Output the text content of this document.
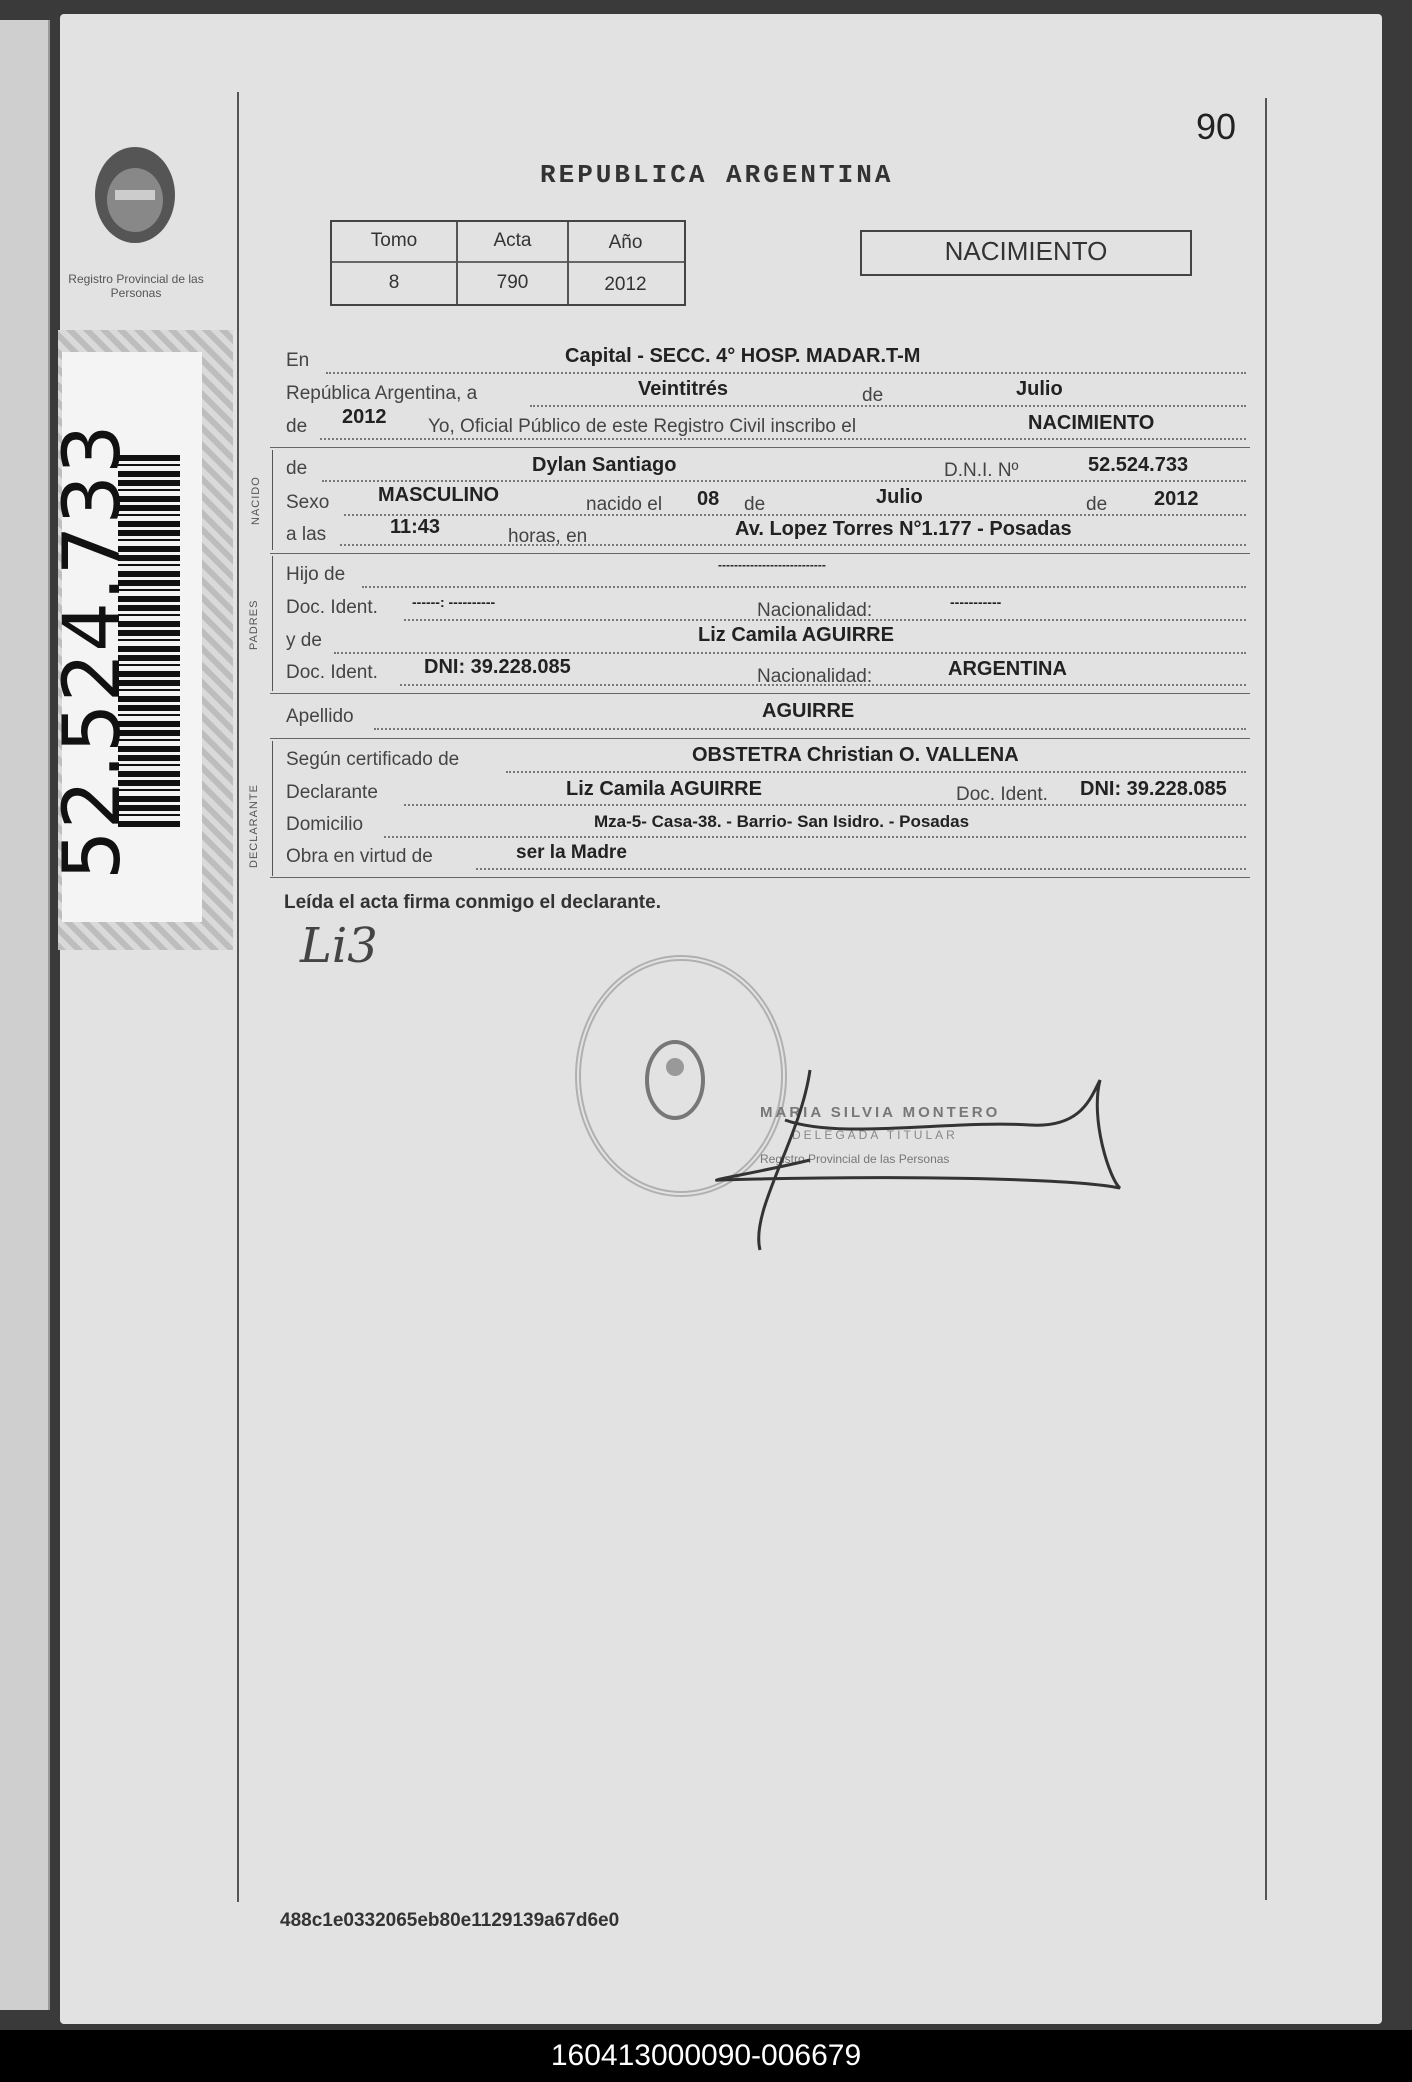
Registro Provincial de las Personas
52.524.733
90
REPUBLICA ARGENTINA
Tomo	Acta	Año
8	790	2012
NACIMIENTO
En	Capital - SECC. 4° HOSP. MADAR.T-M
República Argentina, a	Veintitrés	de	Julio
de 2012 Yo, Oficial Público de este Registro Civil inscribo el	NACIMIENTO
NACIDO
de	Dylan Santiago	D.N.I. Nº	52.524.733
Sexo MASCULINO	nacido el 08 de	Julio	de 2012
a las	11:43	horas, en	Av. Lopez Torres N°1.177 - Posadas
PADRES
Hijo de	---------------------------
Doc. Ident. ------: ----------	Nacionalidad:	-----------
y de	Liz Camila AGUIRRE
Doc. Ident. DNI: 39.228.085	Nacionalidad:	ARGENTINA
Apellido	AGUIRRE
DECLARANTE
Según certificado de	OBSTETRA Christian O. VALLENA
Declarante	Liz Camila AGUIRRE	Doc. Ident. DNI: 39.228.085
Domicilio	Mza-5- Casa-38. - Barrio- San Isidro. - Posadas
Obra en virtud de	ser la Madre
Leída el acta firma conmigo el declarante.
Li3
MARIA SILVIA MONTERO
DELEGADA TITULAR
Registro Provincial de las Personas
488c1e0332065eb80e1129139a67d6e0
160413000090-006679
